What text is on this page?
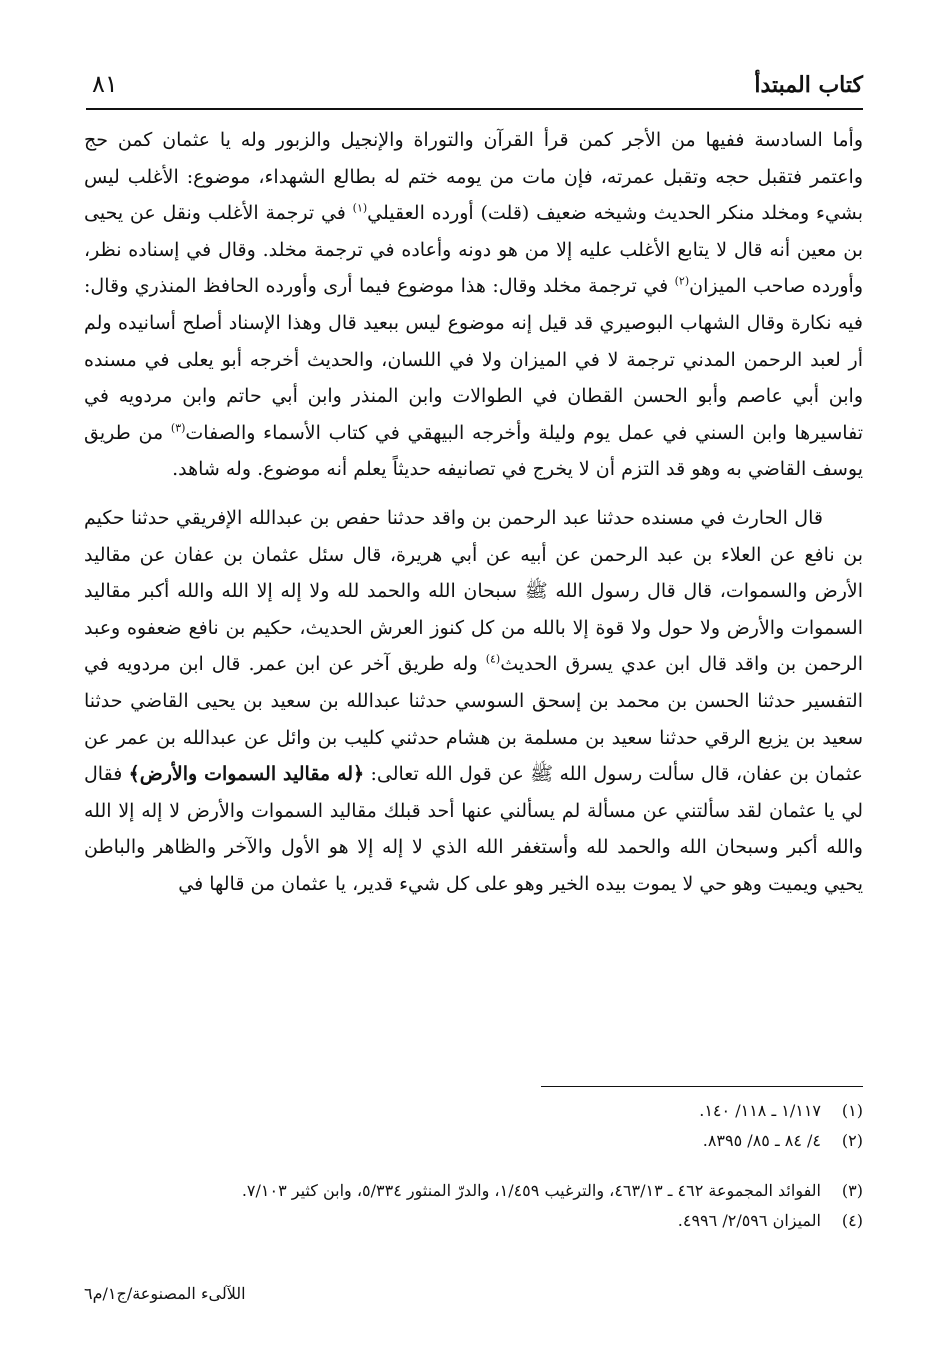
كتاب المبتدأ
٨١

وأما السادسة ففيها من الأجر كمن قرأ القرآن والتوراة والإنجيل والزبور وله يا عثمان كمن حج واعتمر فتقبل حجه وتقبل عمرته، فإن مات من يومه ختم له بطالع الشهداء، موضوع: الأغلب ليس بشيء ومخلد منكر الحديث وشيخه ضعيف (قلت) أورده العقيلي$^{(١)}$ في ترجمة الأغلب ونقل عن يحيى بن معين أنه قال لا يتابع الأغلب عليه إلا من هو دونه وأعاده في ترجمة مخلد. وقال في إسناده نظر، وأورده صاحب الميزان$^{(٢)}$ في ترجمة مخلد وقال: هذا موضوع فيما أرى وأورده الحافظ المنذري وقال: فيه نكارة وقال الشهاب البوصيري قد قيل إنه موضوع ليس ببعيد قال وهذا الإسناد أصلح أسانيده ولم أر لعبد الرحمن المدني ترجمة لا في الميزان ولا في اللسان، والحديث أخرجه أبو يعلى في مسنده وابن أبي عاصم وأبو الحسن القطان في الطوالات وابن المنذر وابن أبي حاتم وابن مردويه في تفاسيرها وابن السني في عمل يوم وليلة وأخرجه البيهقي في كتاب الأسماء والصفات$^{(٣)}$ من طريق يوسف القاضي به وهو قد التزم أن لا يخرج في تصانيفه حديثاً يعلم أنه موضوع. وله شاهد.

قال الحارث في مسنده حدثنا عبد الرحمن بن واقد حدثنا حفص بن عبدالله الإفريقي حدثنا حكيم بن نافع عن العلاء بن عبد الرحمن عن أبيه عن أبي هريرة، قال سئل عثمان بن عفان عن مقاليد الأرض والسموات، قال قال رسول الله ﷺ سبحان الله والحمد لله ولا إله إلا الله والله أكبر مقاليد السموات والأرض ولا حول ولا قوة إلا بالله من كل كنوز العرش الحديث، حكيم بن نافع ضعفوه وعبد الرحمن بن واقد قال ابن عدي يسرق الحديث$^{(٤)}$ وله طريق آخر عن ابن عمر. قال ابن مردويه في التفسير حدثنا الحسن بن محمد بن إسحق السوسي حدثنا عبدالله بن سعيد بن يحيى القاضي حدثنا سعيد بن يزيع الرقي حدثنا سعيد بن مسلمة بن هشام حدثني كليب بن وائل عن عبدالله بن عمر عن عثمان بن عفان، قال سألت رسول الله ﷺ عن قول الله تعالى: ﴿له مقاليد السموات والأرض﴾ فقال لي يا عثمان لقد سألتني عن مسألة لم يسألني عنها أحد قبلك مقاليد السموات والأرض لا إله إلا الله والله أكبر وسبحان الله والحمد لله وأستغفر الله الذي لا إله إلا هو الأول والآخر والظاهر والباطن يحيي ويميت وهو حي لا يموت بيده الخير وهو على كل شيء قدير، يا عثمان من قالها في

(١)
١/١١٧ ـ ١١٨/ ١٤٠.
(٢)
٤/ ٨٤ ـ ٨٥/ ٨٣٩٥.
(٣)
الفوائد المجموعة ٤٦٢ ـ ٤٦٣/١٣، والترغيب ١/٤٥٩، والدرّ المنثور ٥/٣٣٤، وابن كثير ٧/١٠٣.
(٤)
الميزان ٢/٥٩٦/ ٤٩٩٦.
اللآلىء المصنوعة/ج١/م٦
